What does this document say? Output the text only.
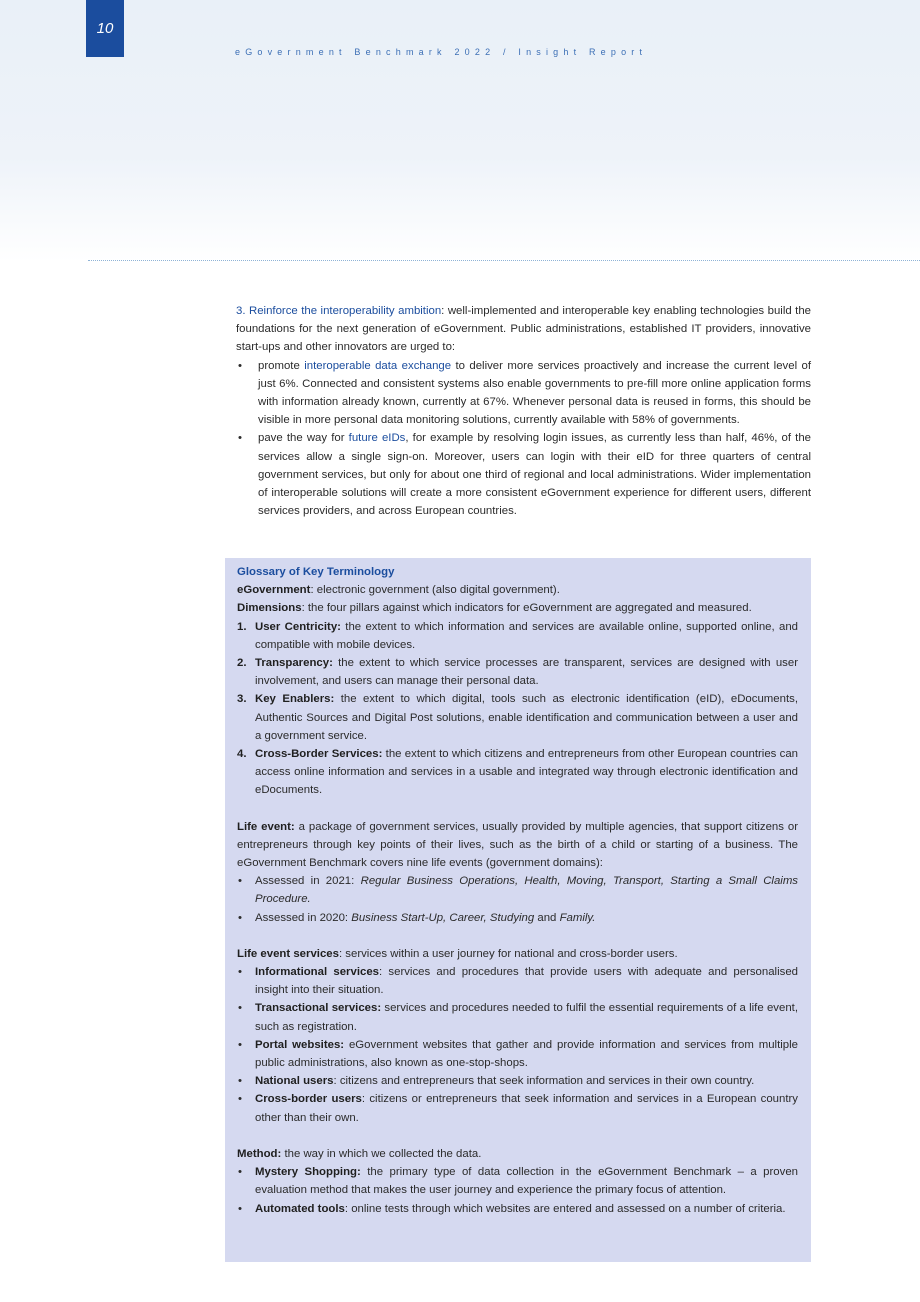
10
eGovernment Benchmark 2022 / Insight Report

3. Reinforce the interoperability ambition: well-implemented and interoperable key enabling technologies build the foundations for the next generation of eGovernment. Public administrations, established IT providers, innovative start-ups and other innovators are urged to:

• promote interoperable data exchange to deliver more services proactively and increase the current level of just 6%. Connected and consistent systems also enable governments to pre-fill more online application forms with information already known, currently at 67%. Whenever personal data is reused in forms, this should be visible in more personal data monitoring solutions, currently available with 58% of governments.

• pave the way for future eIDs, for example by resolving login issues, as currently less than half, 46%, of the services allow a single sign-on. Moreover, users can login with their eID for three quarters of central government services, but only for about one third of regional and local administrations. Wider implementation of interoperable solutions will create a more consistent eGovernment experience for different users, different services providers, and across European countries.

Glossary of Key Terminology

eGovernment: electronic government (also digital government).

Dimensions: the four pillars against which indicators for eGovernment are aggregated and measured.

1. User Centricity: the extent to which information and services are available online, supported online, and compatible with mobile devices.

2. Transparency: the extent to which service processes are transparent, services are designed with user involvement, and users can manage their personal data.

3. Key Enablers: the extent to which digital, tools such as electronic identification (eID), eDocuments, Authentic Sources and Digital Post solutions, enable identification and communication between a user and a government service.

4. Cross-Border Services: the extent to which citizens and entrepreneurs from other European countries can access online information and services in a usable and integrated way through electronic identification and eDocuments.

Life event: a package of government services, usually provided by multiple agencies, that support citizens or entrepreneurs through key points of their lives, such as the birth of a child or starting of a business. The eGovernment Benchmark covers nine life events (government domains):

• Assessed in 2021: Regular Business Operations, Health, Moving, Transport, Starting a Small Claims Procedure.

• Assessed in 2020: Business Start-Up, Career, Studying and Family.

Life event services: services within a user journey for national and cross-border users.

• Informational services: services and procedures that provide users with adequate and personalised insight into their situation.

• Transactional services: services and procedures needed to fulfil the essential requirements of a life event, such as registration.

• Portal websites: eGovernment websites that gather and provide information and services from multiple public administrations, also known as one-stop-shops.

• National users: citizens and entrepreneurs that seek information and services in their own country.

• Cross-border users: citizens or entrepreneurs that seek information and services in a European country other than their own.

Method: the way in which we collected the data.

• Mystery Shopping: the primary type of data collection in the eGovernment Benchmark – a proven evaluation method that makes the user journey and experience the primary focus of attention.

• Automated tools: online tests through which websites are entered and assessed on a number of criteria.
